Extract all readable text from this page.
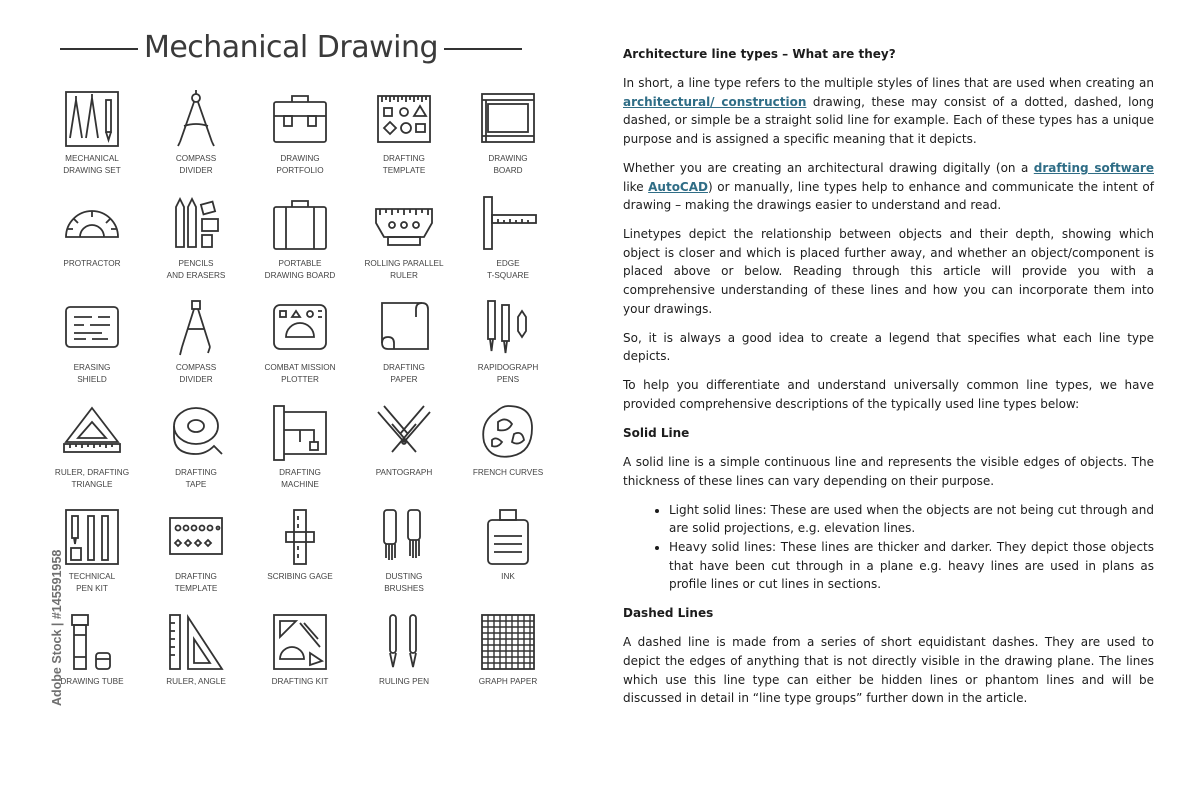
Mechanical Drawing
MECHANICAL
DRAWING SET
COMPASS
DIVIDER
DRAWING
PORTFOLIO
DRAFTING
TEMPLATE
DRAWING
BOARD
PROTRACTOR	PENCILS
AND ERASERS
PORTABLE
DRAWING BOARD
ROLLING PARALLEL
RULER
EDGE
T-SQUARE
ERASING
SHIELD
COMPASS
DIVIDER
COMBAT MISSION
PLOTTER
DRAFTING
PAPER
RAPIDOGRAPH
PENS
RULER, DRAFTING
TRIANGLE
DRAFTING
TAPE
DRAFTING
MACHINE
PANTOGRAPH	FRENCH CURVES
TECHNICAL
PEN KIT
DRAFTING
TEMPLATE
SCRIBING GAGE	DUSTING
BRUSHES
INK
DRAWING TUBE	RULER, ANGLE	DRAFTING KIT	RULING PEN	GRAPH PAPER
Adobe Stock | #145591958
Architecture line types – What are they?

In short, a line type refers to the multiple styles of lines that are used when creating an architectural/ construction drawing, these may consist of a dotted, dashed, long dashed, or simple be a straight solid line for example. Each of these types has a unique purpose and is assigned a specific meaning that it depicts.

Whether you are creating an architectural drawing digitally (on a drafting software like AutoCAD) or manually, line types help to enhance and communicate the intent of drawing – making the drawings easier to understand and read.

Linetypes depict the relationship between objects and their depth, showing which object is closer and which is placed further away, and whether an object/component is placed above or below. Reading through this article will provide you with a comprehensive understanding of these lines and how you can incorporate them into your drawings.

So, it is always a good idea to create a legend that specifies what each line type depicts.

To help you differentiate and understand universally common line types, we have provided comprehensive descriptions of the typically used line types below:

Solid Line

A solid line is a simple continuous line and represents the visible edges of objects. The thickness of these lines can vary depending on their purpose.

• Light solid lines: These are used when the objects are not being cut through and are solid projections, e.g. elevation lines.
• Heavy solid lines: These lines are thicker and darker. They depict those objects that have been cut through in a plane e.g. heavy lines are used in plans as profile lines or cut lines in sections.
Dashed Lines

A dashed line is made from a series of short equidistant dashes. They are used to depict the edges of anything that is not directly visible in the drawing plane. The lines which use this line type can either be hidden lines or phantom lines and will be discussed in detail in “line type groups” further down in the article.
